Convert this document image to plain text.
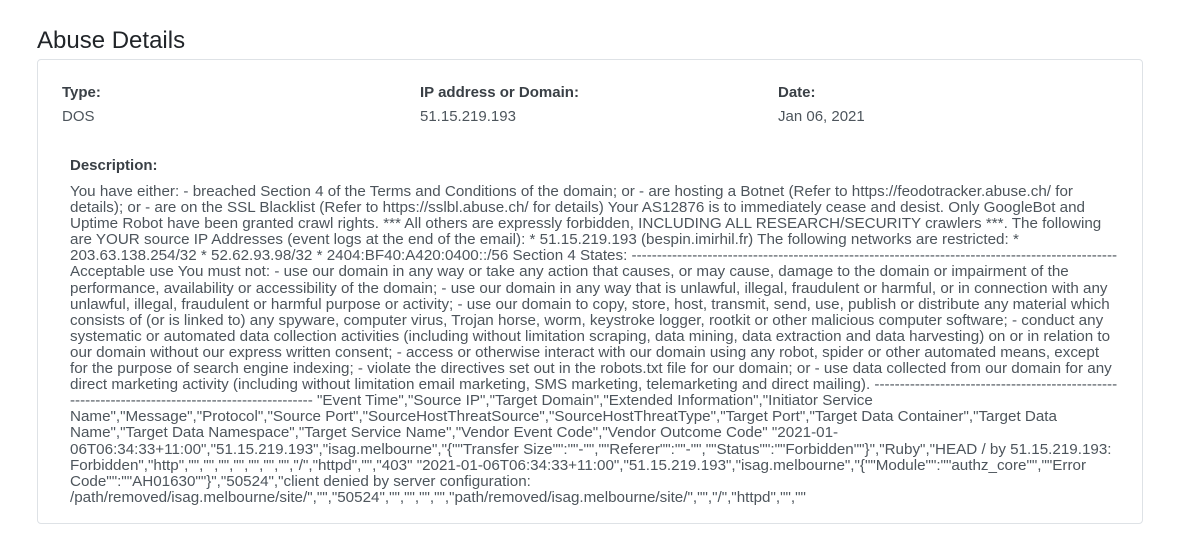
Abuse Details
Type:
DOS
IP address or Domain:
51.15.219.193
Date:
Jan 06, 2021
Description:
You have either: - breached Section 4 of the Terms and Conditions of the domain; or - are hosting a Botnet (Refer to https://feodotracker.abuse.ch/ for details); or - are on the SSL Blacklist (Refer to https://sslbl.abuse.ch/ for details) Your AS12876 is to immediately cease and desist. Only GoogleBot and Uptime Robot have been granted crawl rights. *** All others are expressly forbidden, INCLUDING ALL RESEARCH/SECURITY crawlers ***. The following are YOUR source IP Addresses (event logs at the end of the email): * 51.15.219.193 (bespin.imirhil.fr) The following networks are restricted: * 203.63.138.254/32 * 52.62.93.98/32 * 2404:BF40:A420:0400::/56 Section 4 States: ------------------------------------------------------------------------------------------------ Acceptable use You must not: - use our domain in any way or take any action that causes, or may cause, damage to the domain or impairment of the performance, availability or accessibility of the domain; - use our domain in any way that is unlawful, illegal, fraudulent or harmful, or in connection with any unlawful, illegal, fraudulent or harmful purpose or activity; - use our domain to copy, store, host, transmit, send, use, publish or distribute any material which consists of (or is linked to) any spyware, computer virus, Trojan horse, worm, keystroke logger, rootkit or other malicious computer software; - conduct any systematic or automated data collection activities (including without limitation scraping, data mining, data extraction and data harvesting) on or in relation to our domain without our express written consent; - access or otherwise interact with our domain using any robot, spider or other automated means, except for the purpose of search engine indexing; - violate the directives set out in the robots.txt file for our domain; or - use data collected from our domain for any direct marketing activity (including without limitation email marketing, SMS marketing, telemarketing and direct mailing). ------------------------------------------------------------------------------------------------ "Event Time","Source IP","Target Domain","Extended Information","Initiator Service Name","Message","Protocol","Source Port","SourceHostThreatSource","SourceHostThreatType","Target Port","Target Data Container","Target Data Name","Target Data Namespace","Target Service Name","Vendor Event Code","Vendor Outcome Code" "2021-01-06T06:34:33+11:00","51.15.219.193","isag.melbourne","{""Transfer Size"":""-"",""Referer"":""-"",""Status"":""Forbidden""}","Ruby","HEAD / by 51.15.219.193: Forbidden","http","","","","","","","","/","httpd","","403" "2021-01-06T06:34:33+11:00","51.15.219.193","isag.melbourne","{""Module"":""authz_core"",""Error Code"":""AH01630""}","50524","client denied by server configuration: /path/removed/isag.melbourne/site/","","50524","","","","","path/removed/isag.melbourne/site/","","/","httpd","",""
